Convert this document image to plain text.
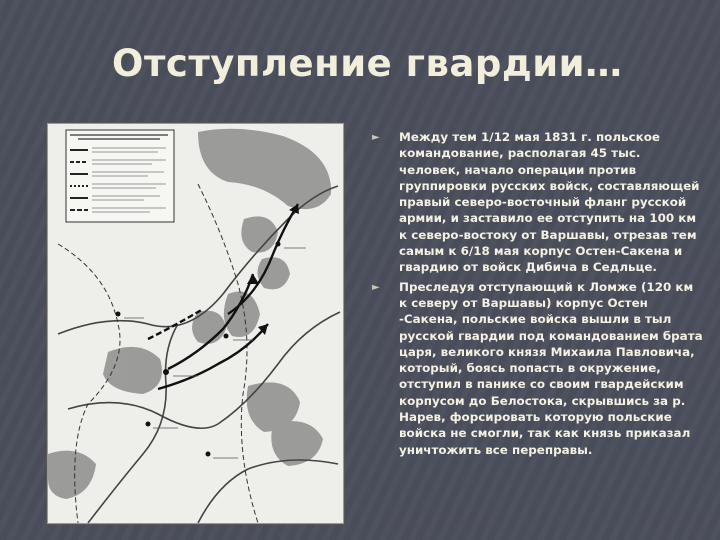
Отступление гвардии…
► Между тем 1/12 мая 1831 г. польское командование, располагая 45 тыс. человек, начало операции против группировки русских войск, составляющей правый северо-восточный фланг русской армии, и заставило ее отступить на 100 км к северо-востоку от Варшавы, отрезав тем самым к 6/18 мая корпус Остен-Сакена и гвардию от войск Дибича в Седльце.
► Преследуя отступающий к Ломже (120 км к северу от Варшавы) корпус Остен -Сакена, польские войска вышли в тыл русской гвардии под командованием брата царя, великого князя Михаила Павловича, который, боясь попасть в окружение, отступил в панике со своим гвардейским корпусом до Белостока, скрывшись за р. Нарев, форсировать которую польские войска не смогли, так как князь приказал уничтожить все переправы.
